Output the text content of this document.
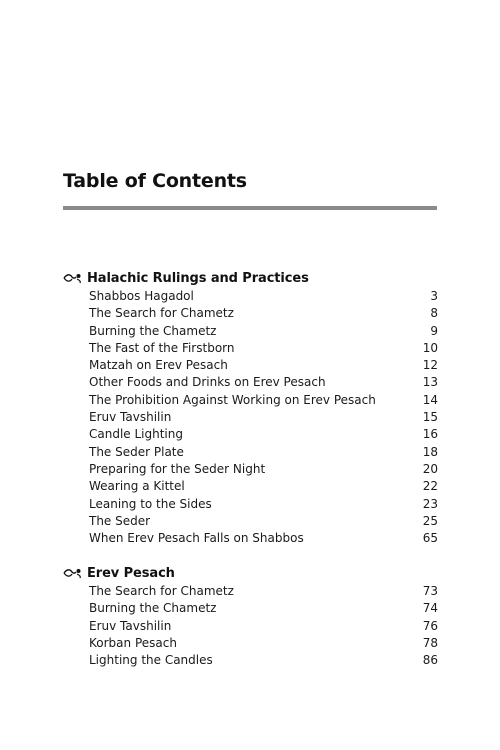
Table of Contents
Halachic Rulings and Practices
Shabbos Hagadol	3
The Search for Chametz	8
Burning the Chametz	9
The Fast of the Firstborn	10
Matzah on Erev Pesach	12
Other Foods and Drinks on Erev Pesach	13
The Prohibition Against Working on Erev Pesach	14
Eruv Tavshilin	15
Candle Lighting	16
The Seder Plate	18
Preparing for the Seder Night	20
Wearing a Kittel	22
Leaning to the Sides	23
The Seder	25
When Erev Pesach Falls on Shabbos	65
Erev Pesach
The Search for Chametz	73
Burning the Chametz	74
Eruv Tavshilin	76
Korban Pesach	78
Lighting the Candles	86
